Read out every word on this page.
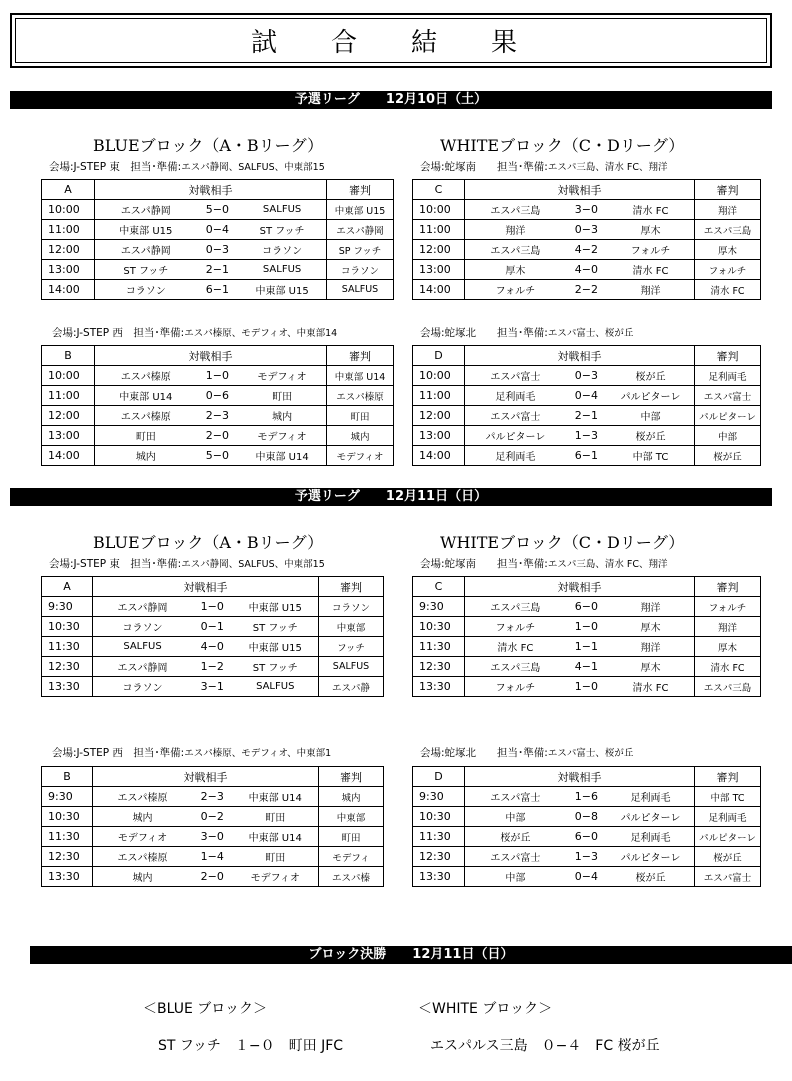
試　合　結　果
予選リーグ　　12月10日（土）
予選リーグ　　12月11日（日）
ブロック決勝　　12月11日（日）
BLUEブロック（A・Bリーグ）	WHITEブロック（C・Dリーグ）
BLUEブロック（A・Bリーグ）	WHITEブロック（C・Dリーグ）
会場:J-STEP 東　担当･準備:エスパ静岡、SALFUS、中東部15
A	対戦相手	審判
10:00	エスパ静岡 5−0 SALFUS	中東部 U15
11:00	中東部 U15 0−4 ST フッチ	エスパ静岡
12:00	エスパ静岡 0−3 コラソン	SP フッチ
13:00	ST フッチ 2−1 SALFUS	コラソン
14:00	コラソン 6−1 中東部 U15	SALFUS
会場:蛇塚南　　担当･準備:エスパ三島、清水 FC、翔洋
C	対戦相手	審判
10:00	エスパ三島 3−0 清水 FC	翔洋
11:00	翔洋 0−3 厚木	エスパ三島
12:00	エスパ三島 4−2 フォルチ	厚木
13:00	厚木 4−0 清水 FC	フォルチ
14:00	フォルチ 2−2 翔洋	清水 FC
会場:J-STEP 西　担当･準備:エスパ榛原、モデフィオ、中東部14
B	対戦相手	審判
10:00	エスパ榛原 1−0 モデフィオ	中東部 U14
11:00	中東部 U14 0−6 町田	エスパ榛原
12:00	エスパ榛原 2−3 城内	町田
13:00	町田 2−0 モデフィオ	城内
14:00	城内 5−0 中東部 U14	モデフィオ
会場:蛇塚北　　担当･準備:エスパ富士、桜が丘
D	対戦相手	審判
10:00	エスパ富士 0−3 桜が丘	足利両毛
11:00	足利両毛 0−4 パルピターレ	エスパ富士
12:00	エスパ富士 2−1 中部	パルピターレ
13:00	パルピターレ 1−3 桜が丘	中部
14:00	足利両毛 6−1 中部 TC	桜が丘
会場:J-STEP 東　担当･準備:エスパ静岡、SALFUS、中東部15
A	対戦相手	審判
9:30	エスパ静岡 1−0 中東部 U15	コラソン
10:30	コラソン 0−1 ST フッチ	中東部
11:30	SALFUS 4−0 中東部 U15	フッチ
12:30	エスパ静岡 1−2 ST フッチ	SALFUS
13:30	コラソン 3−1 SALFUS	エスパ静
会場:蛇塚南　　担当･準備:エスパ三島、清水 FC、翔洋
C	対戦相手	審判
9:30	エスパ三島 6−0 翔洋	フォルチ
10:30	フォルチ 1−0 厚木	翔洋
11:30	清水 FC 1−1 翔洋	厚木
12:30	エスパ三島 4−1 厚木	清水 FC
13:30	フォルチ 1−0 清水 FC	エスパ三島
会場:J-STEP 西　担当･準備:エスパ榛原、モデフィオ、中東部1
B	対戦相手	審判
9:30	エスパ榛原 2−3 中東部 U14	城内
10:30	城内 0−2 町田	中東部
11:30	モデフィオ 3−0 中東部 U14	町田
12:30	エスパ榛原 1−4 町田	モデフィ
13:30	城内 2−0 モデフィオ	エスパ榛
会場:蛇塚北　　担当･準備:エスパ富士、桜が丘
D	対戦相手	審判
9:30	エスパ富士 1−6 足利両毛	中部 TC
10:30	中部 0−8 パルピターレ	足利両毛
11:30	桜が丘 6−0 足利両毛	パルピターレ
12:30	エスパ富士 1−3 パルピターレ	桜が丘
13:30	中部 0−4 桜が丘	エスパ富士
＜BLUE ブロック＞	＜WHITE ブロック＞
ST フッチ　１−０　町田 JFC	エスパルス三島　０−４　FC 桜が丘
